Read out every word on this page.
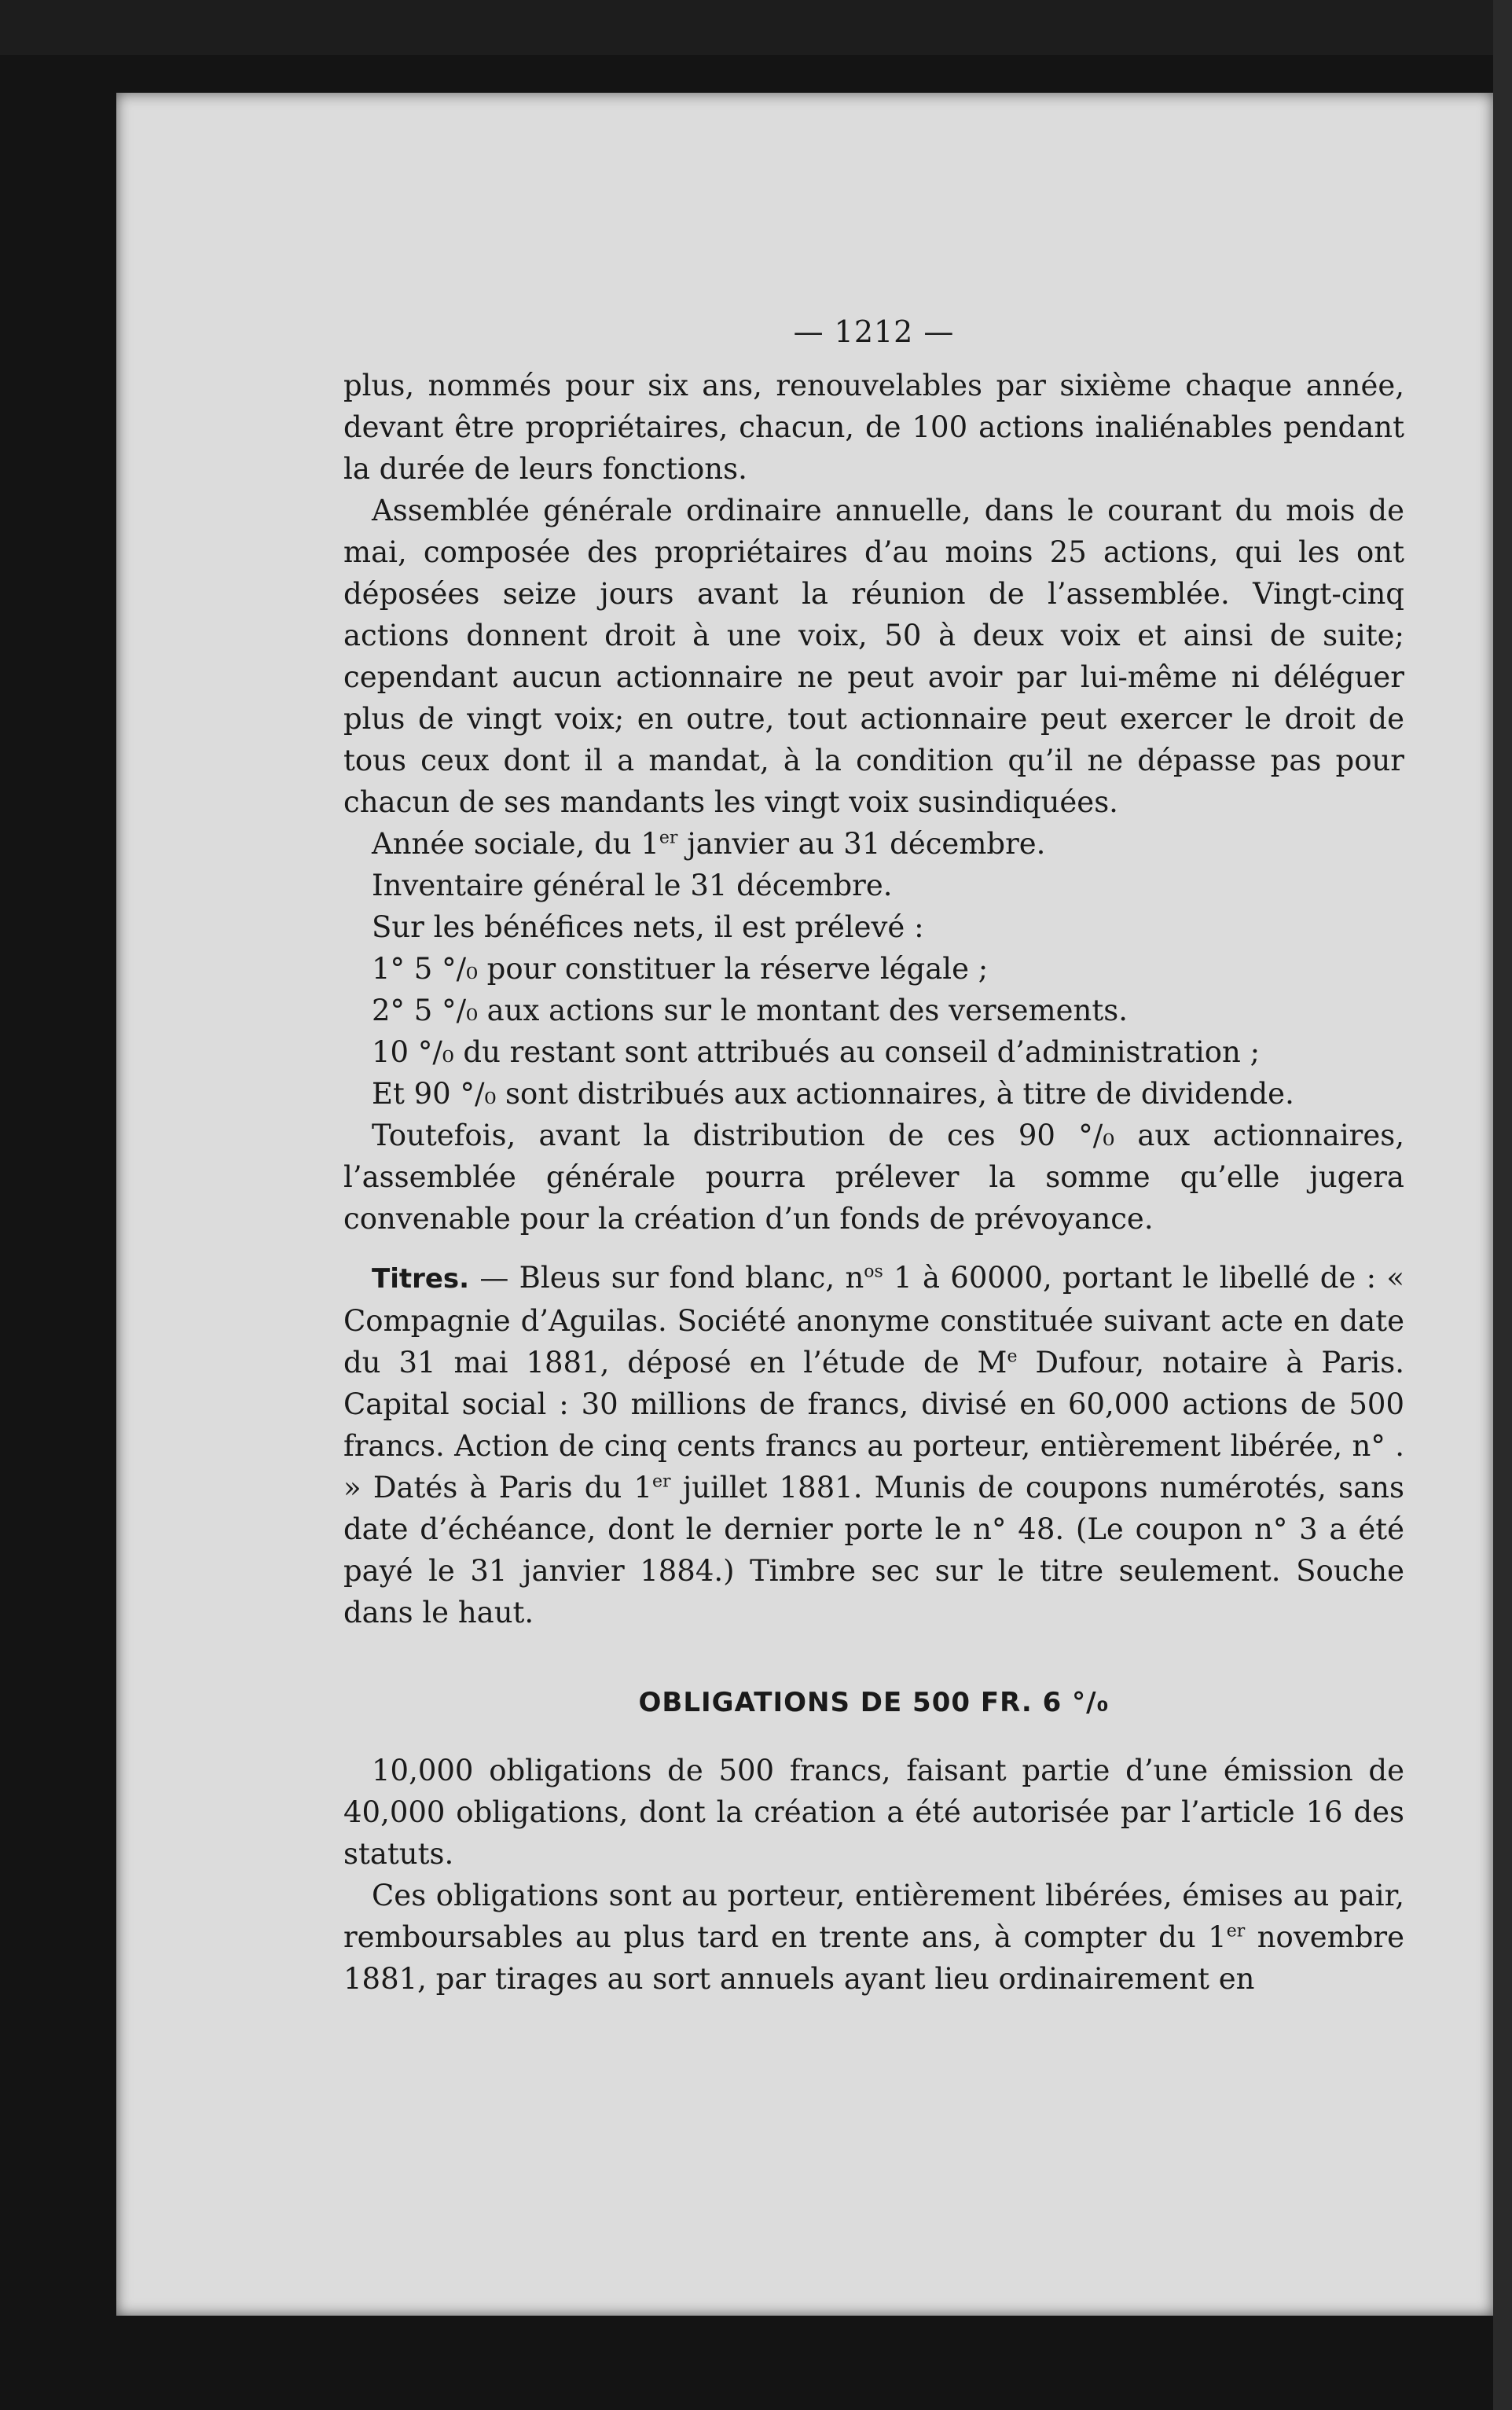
— 1212 —

plus, nommés pour six ans, renouvelables par sixième chaque année, devant être propriétaires, chacun, de 100 actions inaliénables pendant la durée de leurs fonctions.

Assemblée générale ordinaire annuelle, dans le courant du mois de mai, composée des propriétaires d’au moins 25 actions, qui les ont déposées seize jours avant la réunion de l’assemblée. Vingt-cinq actions donnent droit à une voix, 50 à deux voix et ainsi de suite; cependant aucun actionnaire ne peut avoir par lui-même ni déléguer plus de vingt voix; en outre, tout actionnaire peut exercer le droit de tous ceux dont il a mandat, à la condition qu’il ne dépasse pas pour chacun de ses mandants les vingt voix susindiquées.

Année sociale, du 1er janvier au 31 décembre.

Inventaire général le 31 décembre.

Sur les bénéfices nets, il est prélevé :

1° 5 °/₀ pour constituer la réserve légale ;

2° 5 °/₀ aux actions sur le montant des versements.

10 °/₀ du restant sont attribués au conseil d’administration ;

Et 90 °/₀ sont distribués aux actionnaires, à titre de dividende.

Toutefois, avant la distribution de ces 90 °/₀ aux actionnaires, l’assemblée générale pourra prélever la somme qu’elle jugera convenable pour la création d’un fonds de prévoyance.

Titres. — Bleus sur fond blanc, $n^{os}$ 1 à 60000, portant le libellé de : « Compagnie d’Aguilas. Société anonyme constituée suivant acte en date du 31 mai 1881, déposé en l’étude de Me Dufour, notaire à Paris. Capital social : 30 millions de francs, divisé en 60,000 actions de 500 francs. Action de cinq cents francs au porteur, entièrement libérée, n° . » Datés à Paris du 1er juillet 1881. Munis de coupons numérotés, sans date d’échéance, dont le dernier porte le n° 48. (Le coupon n° 3 a été payé le 31 janvier 1884.) Timbre sec sur le titre seulement. Souche dans le haut.

OBLIGATIONS DE 500 FR. 6 °/₀

10,000 obligations de 500 francs, faisant partie d’une émission de 40,000 obligations, dont la création a été autorisée par l’article 16 des statuts.

Ces obligations sont au porteur, entièrement libérées, émises au pair, remboursables au plus tard en trente ans, à compter du 1er novembre 1881, par tirages au sort annuels ayant lieu ordinairement en
